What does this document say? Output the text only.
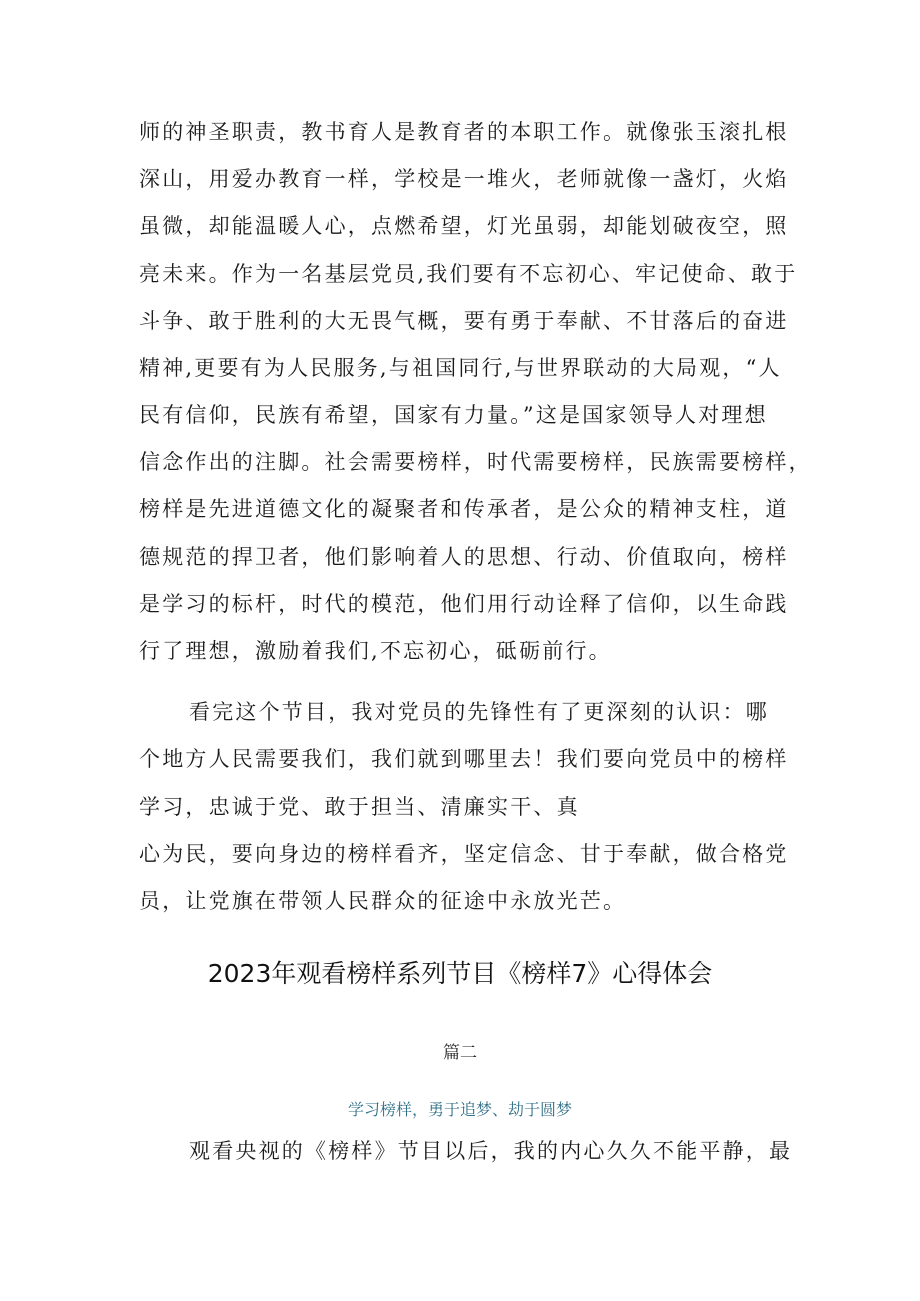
师的神圣职责，教书育人是教育者的本职工作。就像张玉滚扎根
深山，用爱办教育一样，学校是一堆火，老师就像一盏灯，火焰
虽微，却能温暖人心，点燃希望，灯光虽弱，却能划破夜空，照
亮未来。作为一名基层党员,我们要有不忘初心、牢记使命、敢于
斗争、敢于胜利的大无畏气概，要有勇于奉献、不甘落后的奋进
精神,更要有为人民服务,与祖国同行,与世界联动的大局观，“人
民有信仰，民族有希望，国家有力量。”这是国家领导人对理想
信念作出的注脚。社会需要榜样，时代需要榜样，民族需要榜样，
榜样是先进道德文化的凝聚者和传承者，是公众的精神支柱，道
德规范的捍卫者，他们影响着人的思想、行动、价值取向，榜样
是学习的标杆，时代的模范，他们用行动诠释了信仰，以生命践
行了理想，激励着我们,不忘初心，砥砺前行。
看完这个节目，我对党员的先锋性有了更深刻的认识：哪
个地方人民需要我们，我们就到哪里去！我们要向党员中的榜样
学习，忠诚于党、敢于担当、清廉实干、真
心为民，要向身边的榜样看齐，坚定信念、甘于奉献，做合格党
员，让党旗在带领人民群众的征途中永放光芒。
2023年观看榜样系列节目《榜样7》心得体会
篇二
学习榜样，勇于追梦、劫于圆梦
观看央视的《榜样》节目以后，我的内心久久不能平静，最
